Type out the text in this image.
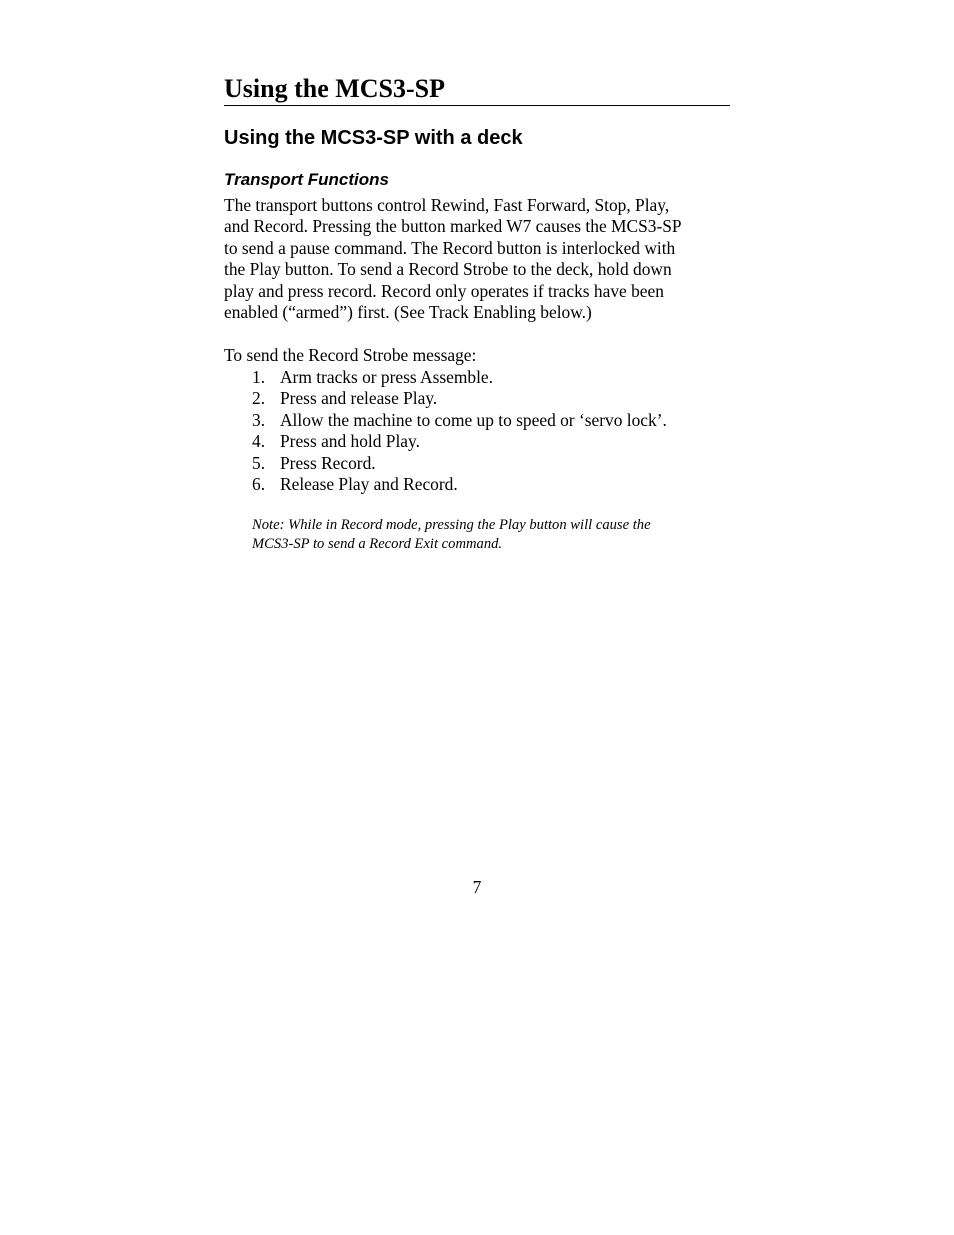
Using the MCS3-SP
Using the MCS3-SP with a deck
Transport Functions

The transport buttons control Rewind, Fast Forward, Stop, Play,
and Record. Pressing the button marked W7 causes the MCS3-SP
to send a pause command. The Record button is interlocked with
the Play button. To send a Record Strobe to the deck, hold down
play and press record. Record only operates if tracks have been
enabled (“armed”) first. (See Track Enabling below.)

To send the Record Strobe message:

1. Arm tracks or press Assemble.
2. Press and release Play.
3. Allow the machine to come up to speed or ‘servo lock’.
4. Press and hold Play.
5. Press Record.
6. Release Play and Record.

Note: While in Record mode, pressing the Play button will cause the
MCS3-SP to send a Record Exit command.

7
